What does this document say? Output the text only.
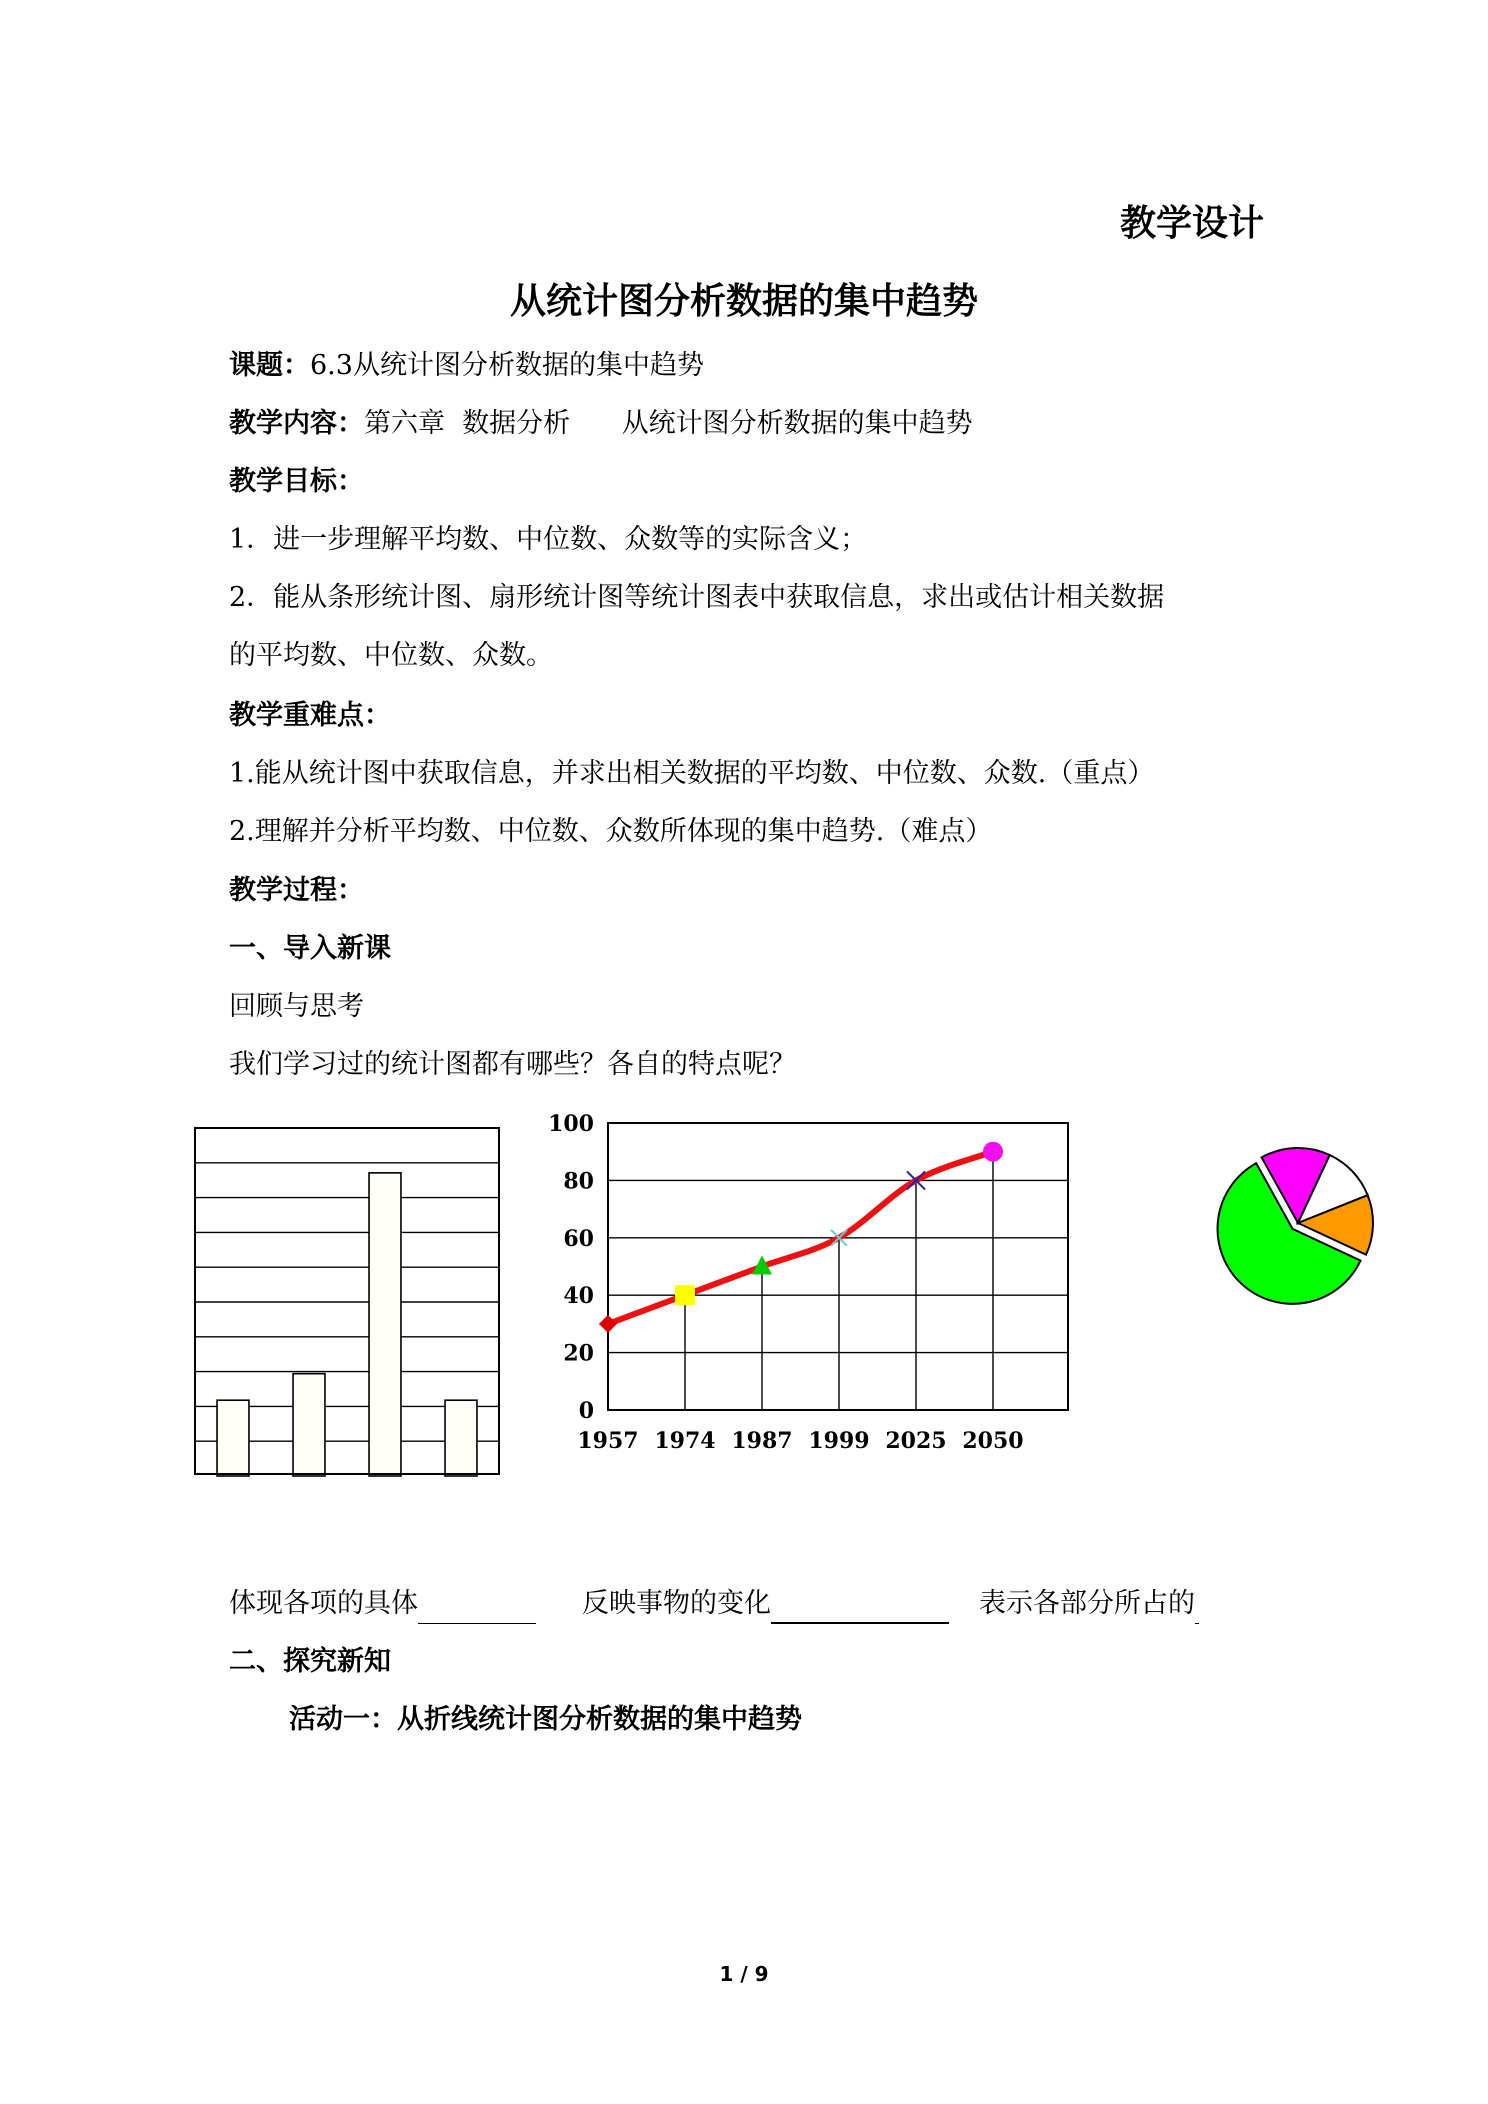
教学设计
从统计图分析数据的集中趋势
课题：6.3从统计图分析数据的集中趋势
教学内容：第六章  数据分析      从统计图分析数据的集中趋势
教学目标：
1．进一步理解平均数、中位数、众数等的实际含义；
2．能从条形统计图、扇形统计图等统计图表中获取信息，求出或估计相关数据
的平均数、中位数、众数。
教学重难点：
1.能从统计图中获取信息，并求出相关数据的平均数、中位数、众数.（重点）
2.理解并分析平均数、中位数、众数所体现的集中趋势.（难点）
教学过程：
一、导入新课
回顾与思考
我们学习过的统计图都有哪些？各自的特点呢？
0
20
40
60
80
100
1957 1974 1987 1999 2025 2050
体现各项的具体	反映事物的变化	表示各部分所占的
二、探究新知
活动一：从折线统计图分析数据的集中趋势
1 / 9
